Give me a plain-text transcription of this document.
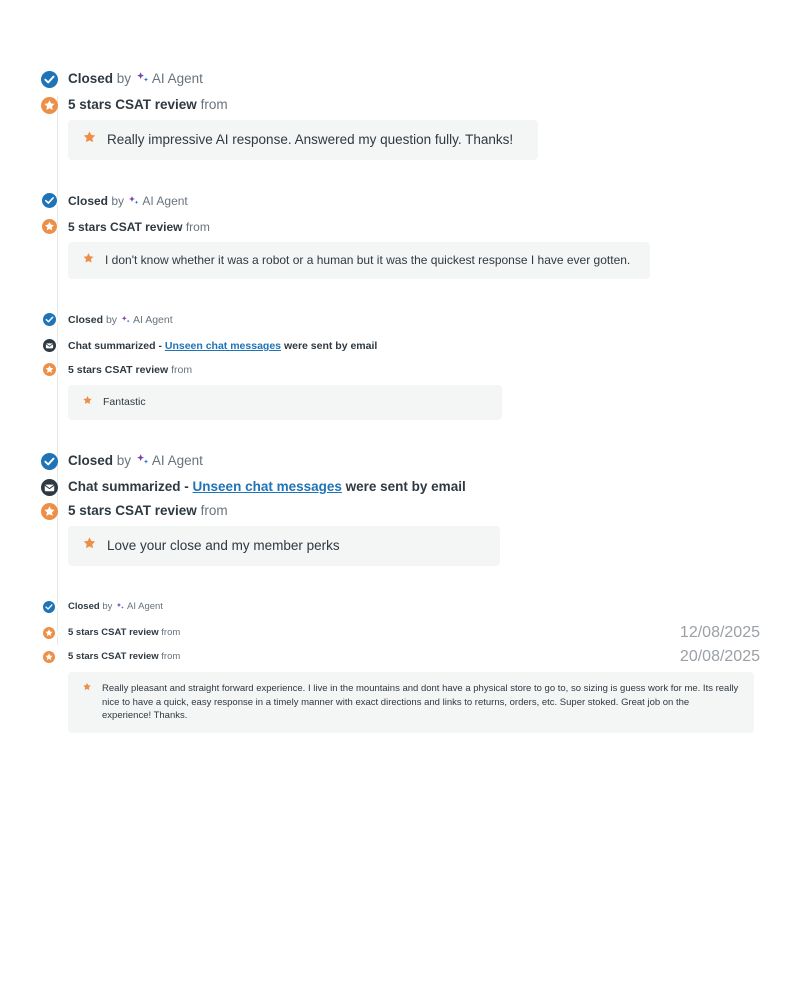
Closed by AI Agent
5 stars CSAT review from
Really impressive AI response. Answered my question fully. Thanks!
Closed by AI Agent
5 stars CSAT review from
I don't know whether it was a robot or a human but it was the quickest response I have ever gotten.
Closed by AI Agent
Chat summarized - Unseen chat messages were sent by email
5 stars CSAT review from
Fantastic
Closed by AI Agent
Chat summarized - Unseen chat messages were sent by email
5 stars CSAT review from
Love your close and my member perks
Closed by AI Agent
5 stars CSAT review from	12/08/2025
5 stars CSAT review from	20/08/2025
Really pleasant and straight forward experience. I live in the mountains and dont have a physical store to go to, so sizing is guess work for me. Its really nice to have a quick, easy response in a timely manner with exact directions and links to returns, orders, etc. Super stoked. Great job on the experience! Thanks.
